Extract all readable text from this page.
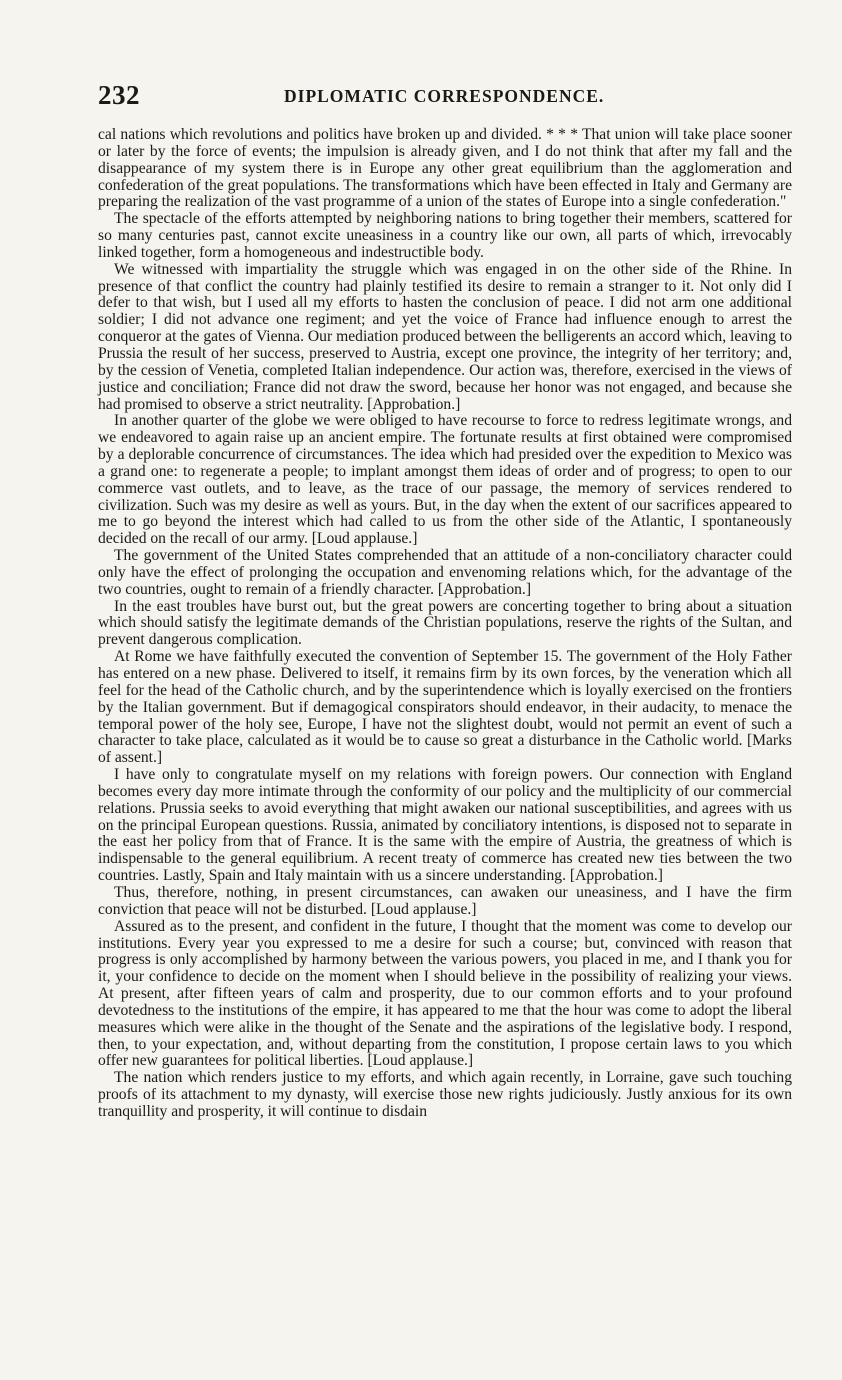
232	DIPLOMATIC CORRESPONDENCE.

cal nations which revolutions and politics have broken up and divided. * * * That union will take place sooner or later by the force of events; the impulsion is already given, and I do not think that after my fall and the disappearance of my system there is in Europe any other great equilibrium than the agglomeration and confederation of the great populations. The transformations which have been effected in Italy and Germany are preparing the realization of the vast programme of a union of the states of Europe into a single confederation."

The spectacle of the efforts attempted by neighboring nations to bring together their members, scattered for so many centuries past, cannot excite uneasiness in a country like our own, all parts of which, irrevocably linked together, form a homogeneous and indestructible body.

We witnessed with impartiality the struggle which was engaged in on the other side of the Rhine. In presence of that conflict the country had plainly testified its desire to remain a stranger to it. Not only did I defer to that wish, but I used all my efforts to hasten the conclusion of peace. I did not arm one additional soldier; I did not advance one regiment; and yet the voice of France had influence enough to arrest the conqueror at the gates of Vienna. Our mediation produced between the belligerents an accord which, leaving to Prussia the result of her success, preserved to Austria, except one province, the integrity of her territory; and, by the cession of Venetia, completed Italian independence. Our action was, therefore, exercised in the views of justice and conciliation; France did not draw the sword, because her honor was not engaged, and because she had promised to observe a strict neutrality. [Approbation.]

In another quarter of the globe we were obliged to have recourse to force to redress legitimate wrongs, and we endeavored to again raise up an ancient empire. The fortunate results at first obtained were compromised by a deplorable concurrence of circumstances. The idea which had presided over the expedition to Mexico was a grand one: to regenerate a people; to implant amongst them ideas of order and of progress; to open to our commerce vast outlets, and to leave, as the trace of our passage, the memory of services rendered to civilization. Such was my desire as well as yours. But, in the day when the extent of our sacrifices appeared to me to go beyond the interest which had called to us from the other side of the Atlantic, I spontaneously decided on the recall of our army. [Loud applause.]

The government of the United States comprehended that an attitude of a non-conciliatory character could only have the effect of prolonging the occupation and envenoming relations which, for the advantage of the two countries, ought to remain of a friendly character. [Approbation.]

In the east troubles have burst out, but the great powers are concerting together to bring about a situation which should satisfy the legitimate demands of the Christian populations, reserve the rights of the Sultan, and prevent dangerous complication.

At Rome we have faithfully executed the convention of September 15. The government of the Holy Father has entered on a new phase. Delivered to itself, it remains firm by its own forces, by the veneration which all feel for the head of the Catholic church, and by the superintendence which is loyally exercised on the frontiers by the Italian government. But if demagogical conspirators should endeavor, in their audacity, to menace the temporal power of the holy see, Europe, I have not the slightest doubt, would not permit an event of such a character to take place, calculated as it would be to cause so great a disturbance in the Catholic world. [Marks of assent.]

I have only to congratulate myself on my relations with foreign powers. Our connection with England becomes every day more intimate through the conformity of our policy and the multiplicity of our commercial relations. Prussia seeks to avoid everything that might awaken our national susceptibilities, and agrees with us on the principal European questions. Russia, animated by conciliatory intentions, is disposed not to separate in the east her policy from that of France. It is the same with the empire of Austria, the greatness of which is indispensable to the general equilibrium. A recent treaty of commerce has created new ties between the two countries. Lastly, Spain and Italy maintain with us a sincere understanding. [Approbation.]

Thus, therefore, nothing, in present circumstances, can awaken our uneasiness, and I have the firm conviction that peace will not be disturbed. [Loud applause.]

Assured as to the present, and confident in the future, I thought that the moment was come to develop our institutions. Every year you expressed to me a desire for such a course; but, convinced with reason that progress is only accomplished by harmony between the various powers, you placed in me, and I thank you for it, your confidence to decide on the moment when I should believe in the possibility of realizing your views. At present, after fifteen years of calm and prosperity, due to our common efforts and to your profound devotedness to the institutions of the empire, it has appeared to me that the hour was come to adopt the liberal measures which were alike in the thought of the Senate and the aspirations of the legislative body. I respond, then, to your expectation, and, without departing from the constitution, I propose certain laws to you which offer new guarantees for political liberties. [Loud applause.]

The nation which renders justice to my efforts, and which again recently, in Lorraine, gave such touching proofs of its attachment to my dynasty, will exercise those new rights judiciously. Justly anxious for its own tranquillity and prosperity, it will continue to disdain
